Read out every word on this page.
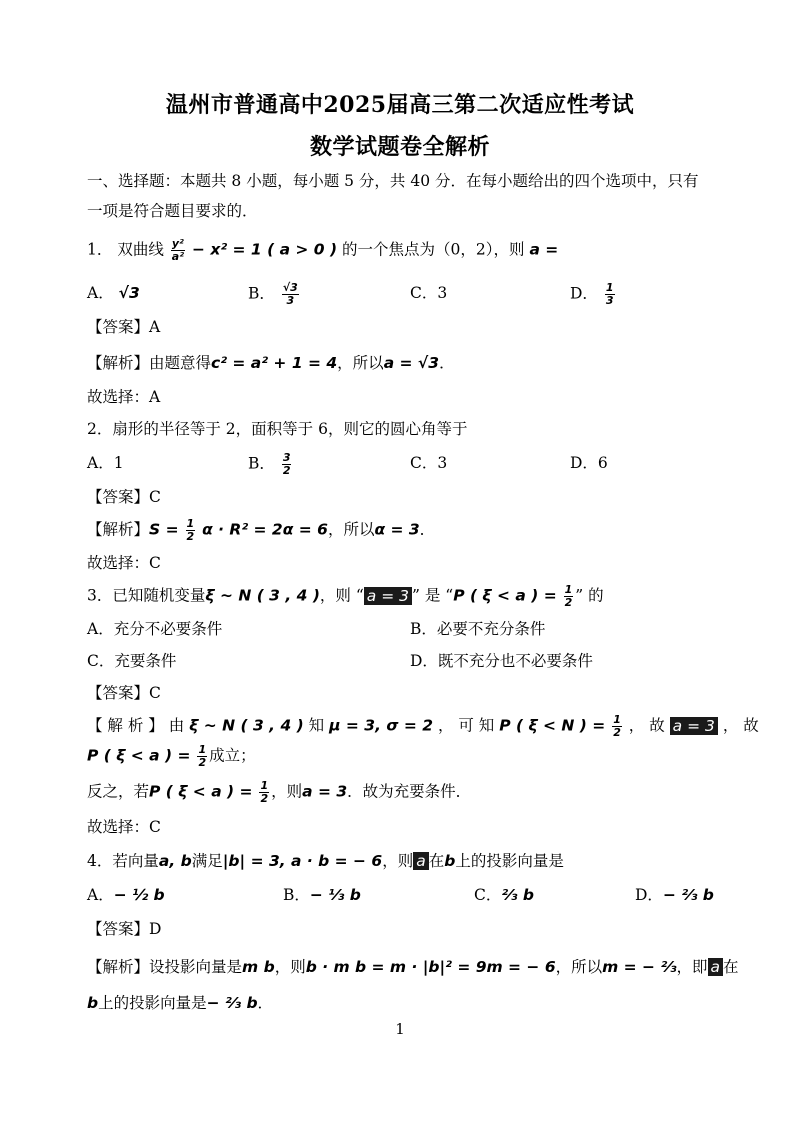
温州市普通高中2025届高三第二次适应性考试
数学试题卷全解析
一、选择题：本题共 8 小题，每小题 5 分，共 40 分．在每小题给出的四个选项中，只有
一项是符合题目要求的．
1． 双曲线 $\frac{\text{y²}}{\text{a²}} - x^2 = 1$ ( a > 0 ) 的一个焦点为（0，2），则 a =
A． √3	B． $\frac{√3}{3}$	C．3	D． $\frac{1}{3}$
【答案】A
【解析】由题意得c² = a² + 1 = 4，所以a = √3．
故选择：A
2．扇形的半径等于 2，面积等于 6，则它的圆心角等于
A．1	B． $\frac{3}{2}$	C．3	D．6
【答案】C
【解析】$S = \frac{1}{2}$ α · R² = 2α = 6，所以α = 3．
故选择：C
3．已知随机变量ξ ~ N ( 3 , 4 )，则 “ a = 3 ” 是 “P ( ξ < a ) = $\frac{1}{2}$ ” 的
A．充分不必要条件	B．必要不充分条件
C．充要条件	D．既不充分也不必要条件
【答案】C
【 解 析 】 由 ξ ~ N ( 3 , 4 ) 知 μ = 3, σ = 2 ， 可 知 P ( ξ < N ) = $\frac{1}{2}$ ， 故 a = 3 ， 故
P ( ξ < a ) = $\frac{1}{2}$ 成立；
反之，若P ( ξ < a ) = $\frac{1}{2}$ ，则a = 3．故为充要条件．
故选择：C
4．若向量a, b满足|b| = 3, a · b = − 6，则 a 在b上的投影向量是
A．− ½ b	B．− ⅓ b	C．⅔ b	D．− ⅔ b
【答案】D
【解析】设投影向量是m b，则b · m b = m · |b|² = 9m = − 6，所以m = − ⅔，即 a 在
b上的投影向量是− ⅔ b．
1
